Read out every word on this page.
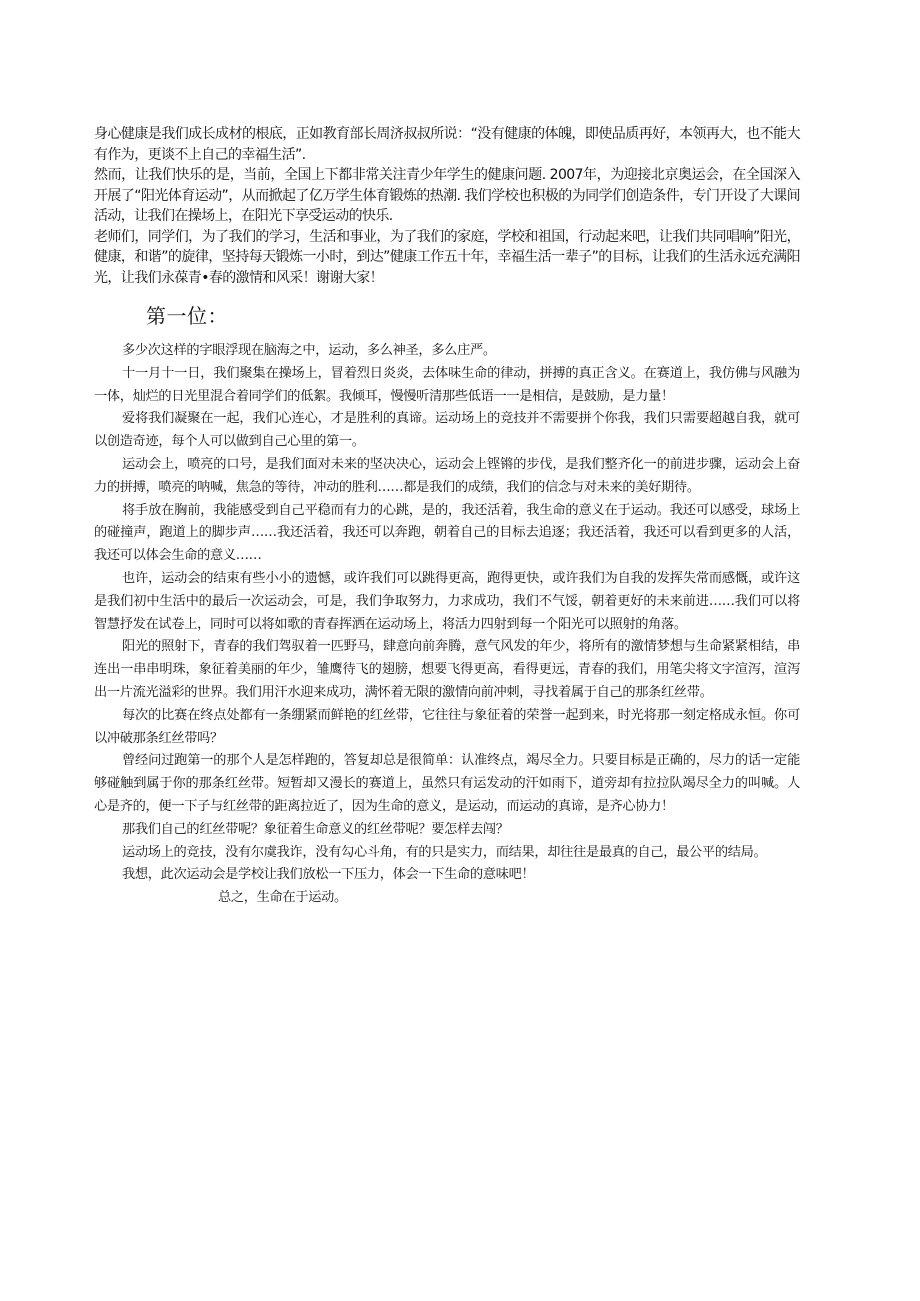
身心健康是我们成长成材的根底，正如教育部长周济叔叔所说：“没有健康的体魄，即使品质再好，本领再大，也不能大有作为，更谈不上自己的幸福生活”.

然而，让我们快乐的是，当前，全国上下都非常关注青少年学生的健康问题. 2007年，为迎接北京奥运会，在全国深入开展了“阳光体育运动”，从而掀起了亿万学生体育锻炼的热潮. 我们学校也积极的为同学们创造条件，专门开设了大课间活动，让我们在操场上，在阳光下享受运动的快乐.

老师们，同学们，为了我们的学习，生活和事业，为了我们的家庭，学校和祖国，行动起来吧，让我们共同唱响”阳光，健康，和谐”的旋律，坚持每天锻炼一小时，到达”健康工作五十年，幸福生活一辈子”的目标，让我们的生活永远充满阳光，让我们永葆青•春的激情和风采！谢谢大家！

第一位：

多少次这样的字眼浮现在脑海之中，运动，多么神圣，多么庄严。

十一月十一日，我们聚集在操场上，冒着烈日炎炎，去体味生命的律动，拼搏的真正含义。在赛道上，我仿佛与风融为一体，灿烂的日光里混合着同学们的低絮。我倾耳，慢慢听清那些低语一一是相信，是鼓励，是力量！

爱将我们凝聚在一起，我们心连心，才是胜利的真谛。运动场上的竞技并不需要拼个你我，我们只需要超越自我，就可以创造奇迹，每个人可以做到自己心里的第一。

运动会上，喷亮的口号，是我们面对未来的坚决决心，运动会上铿锵的步伐，是我们整齐化一的前进步骤，运动会上奋力的拼搏，喷亮的呐喊，焦急的等待，冲动的胜利……都是我们的成绩，我们的信念与对未来的美好期待。

将手放在胸前，我能感受到自己平稳而有力的心跳，是的，我还活着，我生命的意义在于运动。我还可以感受，球场上的碰撞声，跑道上的脚步声……我还活着，我还可以奔跑，朝着自己的目标去追逐；我还活着，我还可以看到更多的人活，我还可以体会生命的意义……

也许，运动会的结束有些小小的遗憾，或许我们可以跳得更高，跑得更快，或许我们为自我的发挥失常而感慨，或许这是我们初中生活中的最后一次运动会，可是，我们争取努力，力求成功，我们不气馁，朝着更好的未来前进……我们可以将智慧抒发在试卷上，同时可以将如歌的青春挥洒在运动场上，将活力四射到每一个阳光可以照射的角落。

阳光的照射下，青春的我们驾驭着一匹野马，肆意向前奔腾，意气风发的年少，将所有的激情梦想与生命紧紧相结，串连出一串串明珠，象征着美丽的年少，雏鹰待飞的翅膀，想要飞得更高，看得更远，青春的我们，用笔尖将文字渲泻，渲泻出一片流光溢彩的世界。我们用汗水迎来成功，满怀着无限的激情向前冲刺，寻找着属于自己的那条红丝带。

每次的比赛在终点处都有一条绷紧而鲜艳的红丝带，它往往与象征着的荣誉一起到来，时光将那一刻定格成永恒。你可以冲破那条红丝带吗？

曾经问过跑第一的那个人是怎样跑的，答复却总是很简单：认准终点，竭尽全力。只要目标是正确的，尽力的话一定能够碰触到属于你的那条红丝带。短暂却又漫长的赛道上，虽然只有运发动的汗如雨下，道旁却有拉拉队竭尽全力的叫喊。人心是齐的，便一下子与红丝带的距离拉近了，因为生命的意义，是运动，而运动的真谛，是齐心协力！

那我们自己的红丝带呢？象征着生命意义的红丝带呢？要怎样去闯？

运动场上的竞技，没有尔虞我诈，没有勾心斗角，有的只是实力，而结果，却往往是最真的自己，最公平的结局。

我想，此次运动会是学校让我们放松一下压力，体会一下生命的意味吧！

总之，生命在于运动。
